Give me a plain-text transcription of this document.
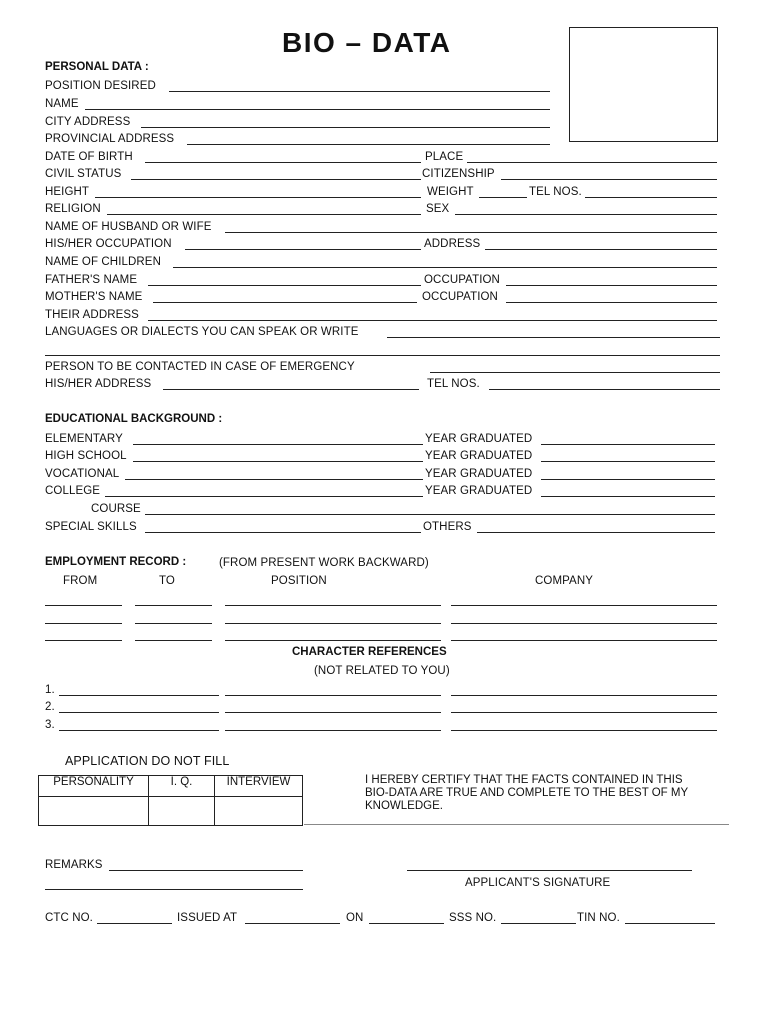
BIO – DATA
PERSONAL DATA :
POSITION DESIRED
NAME
CITY ADDRESS
PROVINCIAL ADDRESS
DATE OF BIRTH	PLACE
CIVIL STATUS	CITIZENSHIP
HEIGHT	WEIGHT	TEL NOS.
RELIGION	SEX
NAME OF HUSBAND OR WIFE
HIS/HER OCCUPATION	ADDRESS
NAME OF CHILDREN
FATHER'S NAME	OCCUPATION
MOTHER'S NAME	OCCUPATION
THEIR ADDRESS
LANGUAGES OR DIALECTS YOU CAN SPEAK OR WRITE
PERSON TO BE CONTACTED IN CASE OF EMERGENCY
HIS/HER ADDRESS	TEL NOS.
EDUCATIONAL BACKGROUND :
ELEMENTARY	YEAR GRADUATED
HIGH SCHOOL	YEAR GRADUATED
VOCATIONAL	YEAR GRADUATED
COLLEGE	YEAR GRADUATED
COURSE
SPECIAL SKILLS	OTHERS
EMPLOYMENT RECORD :	(FROM PRESENT WORK BACKWARD)
FROM	TO	POSITION	COMPANY
CHARACTER REFERENCES
(NOT RELATED TO YOU)
1.
2.
3.
APPLICATION DO NOT FILL
PERSONALITY	I. Q.	INTERVIEW
			I HEREBY CERTIFY THAT THE FACTS CONTAINED IN THIS BIO-DATA ARE TRUE AND COMPLETE TO THE BEST OF MY KNOWLEDGE.
REMARKS
APPLICANT'S SIGNATURE
CTC NO.	ISSUED AT	ON	SSS NO.	TIN NO.
